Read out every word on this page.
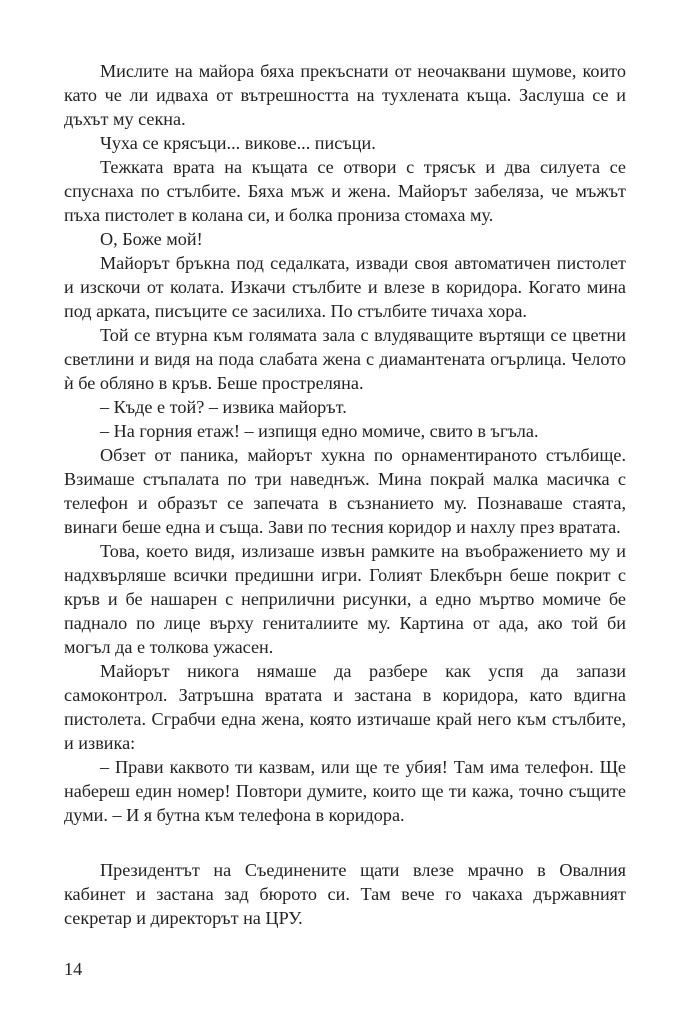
Мислите на майора бяха прекъснати от неочаквани шумове, които като че ли идваха от вътрешността на тухлената къща. Заслуша се и дъхът му секна.

Чуха се крясъци... викове... писъци.

Тежката врата на къщата се отвори с трясък и два силуета се спуснаха по стълбите. Бяха мъж и жена. Майорът забеляза, че мъжът пъха пистолет в колана си, и болка прониза стомаха му.

О, Боже мой!

Майорът бръкна под седалката, извади своя автоматичен пистолет и изскочи от колата. Изкачи стълбите и влезе в коридора. Когато мина под арката, писъците се засилиха. По стълбите тичаха хора.

Той се втурна към голямата зала с влудяващите въртящи се цветни светлини и видя на пода слабата жена с диамантената огърлица. Челото ѝ бе обляно в кръв. Беше простреляна.

– Къде е той? – извика майорът.

– На горния етаж! – изпищя едно момиче, свито в ъгъла.

Обзет от паника, майорът хукна по орнаментираното стълбище. Взимаше стъпалата по три наведнъж. Мина покрай малка масичка с телефон и образът се запечата в съзнанието му. Познаваше стаята, винаги беше една и съща. Зави по тесния коридор и нахлу през вратата.

Това, което видя, излизаше извън рамките на въображението му и надхвърляше всички предишни игри. Голият Блекбърн беше покрит с кръв и бе нашарен с неприлични рисунки, а едно мъртво момиче бе паднало по лице върху гениталиите му. Картина от ада, ако той би могъл да е толкова ужасен.

Майорът никога нямаше да разбере как успя да запази самоконтрол. Затръшна вратата и застана в коридора, като вдигна пистолета. Сграбчи една жена, която изтичаше край него към стълбите, и извика:

– Прави каквото ти казвам, или ще те убия! Там има телефон. Ще набереш един номер! Повтори думите, които ще ти кажа, точно същите думи. – И я бутна към телефона в коридора.

Президентът на Съединените щати влезе мрачно в Овалния кабинет и застана зад бюрото си. Там вече го чакаха държавният секретар и директорът на ЦРУ.

14
